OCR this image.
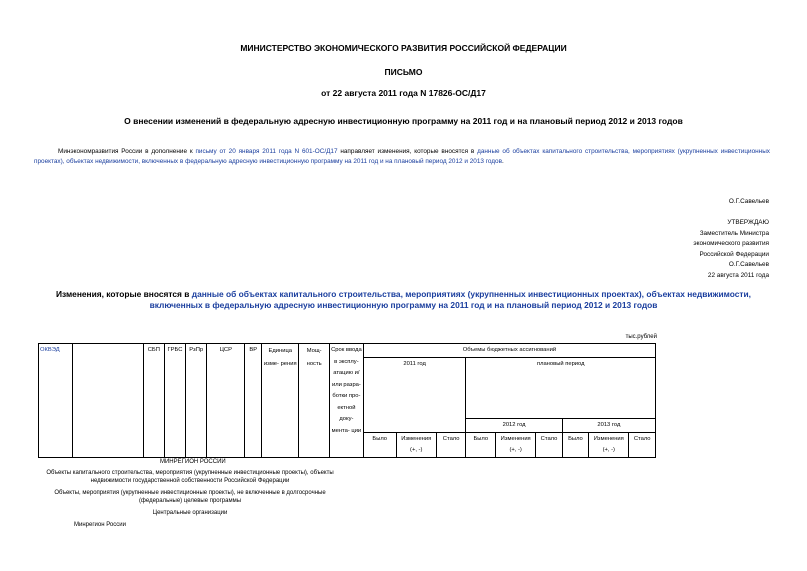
МИНИСТЕРСТВО ЭКОНОМИЧЕСКОГО РАЗВИТИЯ РОССИЙСКОЙ ФЕДЕРАЦИИ
ПИСЬМО
от 22 августа 2011 года N 17826-ОС/Д17
О внесении изменений в федеральную адресную инвестиционную программу на 2011 год и на плановый период 2012 и 2013 годов
Минэкономразвития России в дополнение к письму от 20 января 2011 года N 601-ОС/Д17 направляет изменения, которые вносятся в данные об объектах капитального строительства, мероприятиях (укрупненных инвестиционных проектах), объектах недвижимости, включенных в федеральную адресную инвестиционную программу на 2011 год и на плановый период 2012 и 2013 годов.
О.Г.Савельев
УТВЕРЖДАЮ
Заместитель Министра
экономического развития
Российской Федерации
О.Г.Савельев
22 августа 2011 года
Изменения, которые вносятся в данные об объектах капитального строительства, мероприятиях (укрупненных инвестиционных проектах), объектах недвижимости, включенных в федеральную адресную инвестиционную программу на 2011 год и на плановый период 2012 и 2013 годов
тыс.рублей
ОКВЭД		СБП	ГРБС	РзПр	ЦСР	ВР	Единица изме- рения	Мощ- ность	Срок ввода в эксплу- атацию и/или разра- ботки про- ектной доку- мента- ции	Объемы бюджетных ассигнований								
										2011 год			плановый период					
													2012 год			2013 год		
										Было	Изменения (+, -)	Стало	Было	Изменения (+, -)	Стало	Было	Изменения (+, -)	Стало
МИНРЕГИОН РОССИИ
Объекты капитального строительства, мероприятия (укрупненные инвестиционные проекты), объекты недвижимости государственной собственности Российской Федерации
Объекты, мероприятия (укрупненные инвестиционные проекты), не включенные в долгосрочные (федеральные) целевые программы
Центральные организации
Минрегион России
